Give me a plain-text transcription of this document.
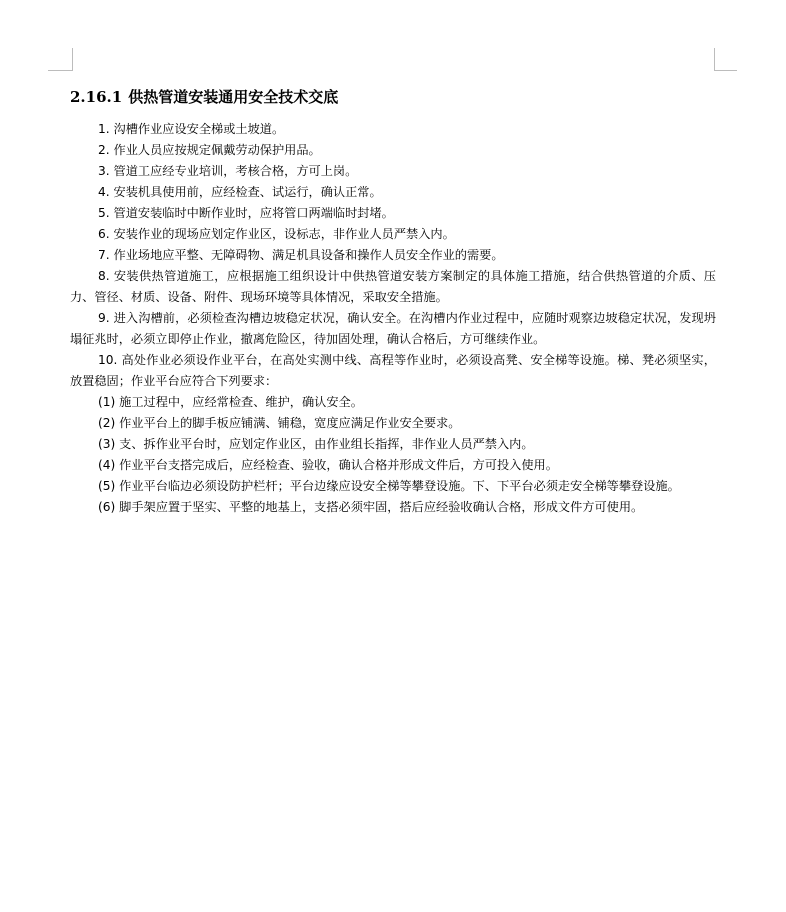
2.16.1 供热管道安装通用安全技术交底

1. 沟槽作业应设安全梯或土坡道。

2. 作业人员应按规定佩戴劳动保护用品。

3. 管道工应经专业培训，考核合格，方可上岗。

4. 安装机具使用前，应经检查、试运行，确认正常。

5. 管道安装临时中断作业时，应将管口两端临时封堵。

6. 安装作业的现场应划定作业区，设标志，非作业人员严禁入内。

7. 作业场地应平整、无障碍物、满足机具设备和操作人员安全作业的需要。

8. 安装供热管道施工，应根据施工组织设计中供热管道安装方案制定的具体施工措施，结合供热管道的介质、压力、管径、材质、设备、附件、现场环境等具体情况，采取安全措施。

9. 进入沟槽前，必须检查沟槽边坡稳定状况，确认安全。在沟槽内作业过程中，应随时观察边坡稳定状况，发现坍塌征兆时，必须立即停止作业，撤离危险区，待加固处理，确认合格后，方可继续作业。

10. 高处作业必须设作业平台，在高处实测中线、高程等作业时，必须设高凳、安全梯等设施。梯、凳必须坚实，放置稳固；作业平台应符合下列要求：

(1) 施工过程中，应经常检查、维护，确认安全。

(2) 作业平台上的脚手板应铺满、铺稳，宽度应满足作业安全要求。

(3) 支、拆作业平台时，应划定作业区，由作业组长指挥，非作业人员严禁入内。

(4) 作业平台支搭完成后，应经检查、验收，确认合格并形成文件后，方可投入使用。

(5) 作业平台临边必须设防护栏杆；平台边缘应设安全梯等攀登设施。下、下平台必须走安全梯等攀登设施。

(6) 脚手架应置于坚实、平整的地基上，支搭必须牢固，搭后应经验收确认合格，形成文件方可使用。
